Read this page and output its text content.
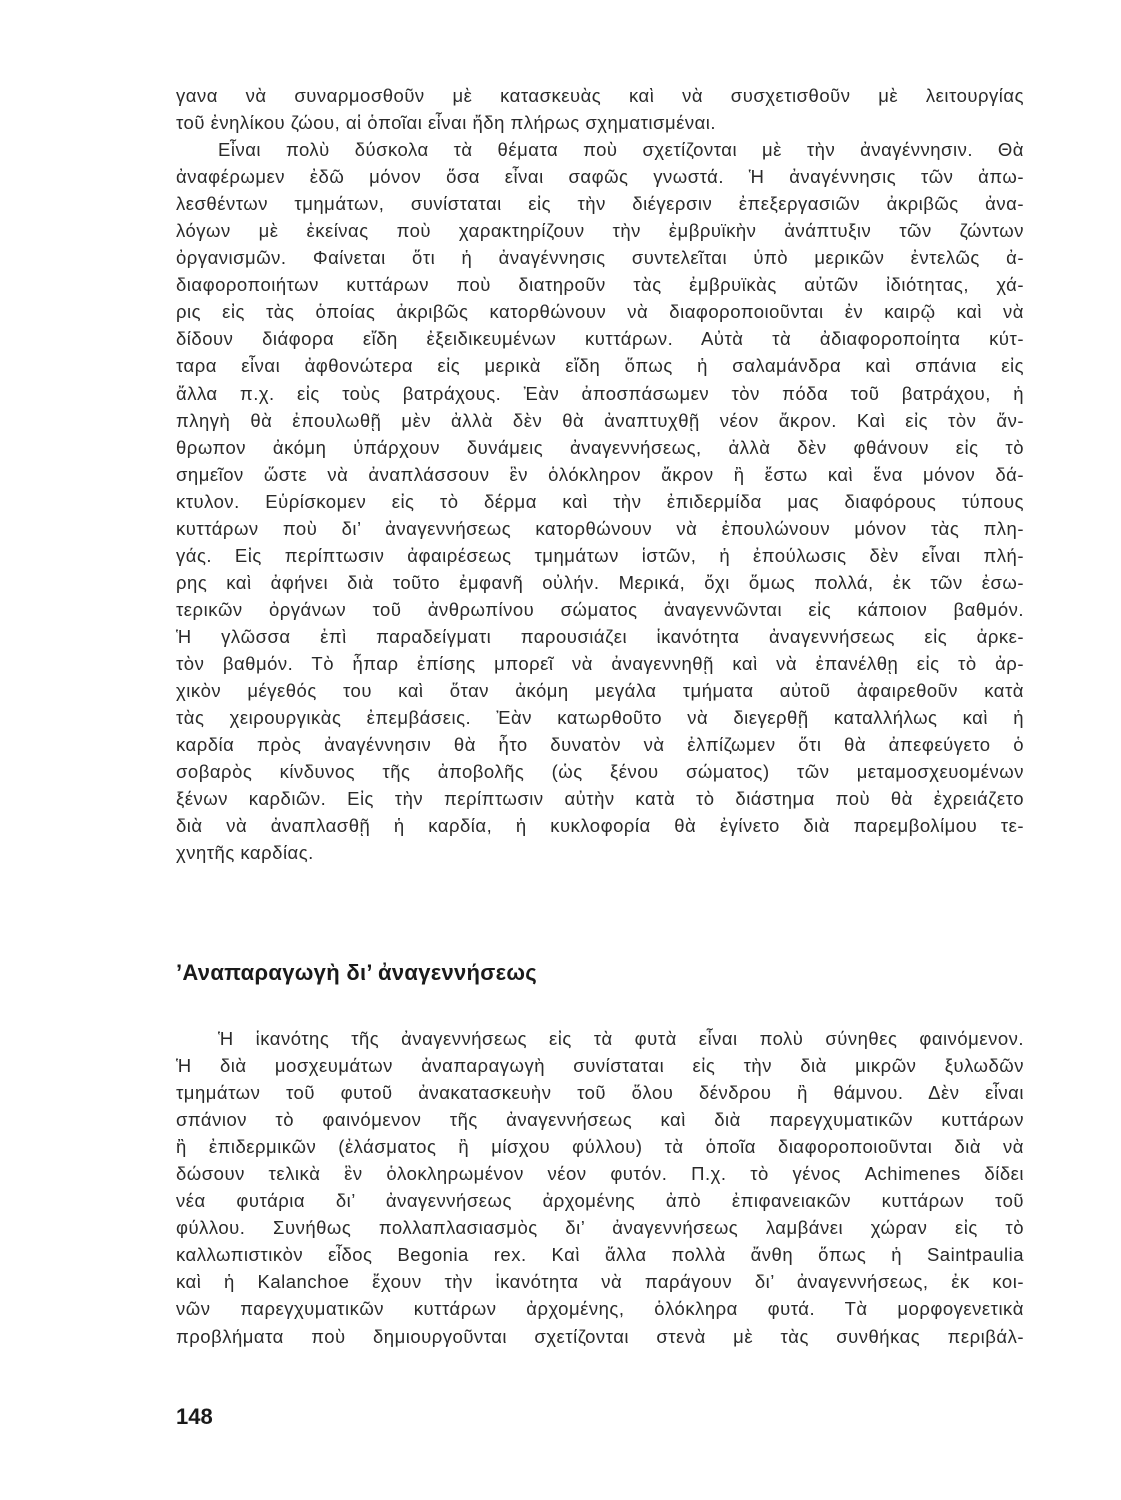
γανα νὰ συναρμοσθοῦν μὲ κατασκευὰς καὶ νὰ συσχετισθοῦν μὲ λειτουργίας
τοῦ ἐνηλίκου ζώου, αἱ ὁποῖαι εἶναι ἤδη πλήρως σχηματισμέναι.
Εἶναι πολὺ δύσκολα τὰ θέματα ποὺ σχετίζονται μὲ τὴν ἀναγέννησιν. Θὰ
ἀναφέρωμεν ἐδῶ μόνον ὅσα εἶναι σαφῶς γνωστά. Ἡ ἀναγέννησις τῶν ἀπω-
λεσθέντων τμημάτων, συνίσταται εἰς τὴν διέγερσιν ἐπεξεργασιῶν ἀκριβῶς ἀνα-
λόγων μὲ ἐκείνας ποὺ χαρακτηρίζουν τὴν ἐμβρυϊκὴν ἀνάπτυξιν τῶν ζώντων
ὀργανισμῶν. Φαίνεται ὅτι ἡ ἀναγέννησις συντελεῖται ὑπὸ μερικῶν ἐντελῶς ἀ-
διαφοροποιήτων κυττάρων ποὺ διατηροῦν τὰς ἐμβρυϊκὰς αὐτῶν ἰδιότητας, χά-
ρις εἰς τὰς ὁποίας ἀκριβῶς κατορθώνουν νὰ διαφοροποιοῦνται ἐν καιρῷ καὶ νὰ
δίδουν διάφορα εἴδη ἐξειδικευμένων κυττάρων. Αὐτὰ τὰ ἀδιαφοροποίητα κύτ-
ταρα εἶναι ἀφθονώτερα εἰς μερικὰ εἴδη ὅπως ἡ σαλαμάνδρα καὶ σπάνια εἰς
ἄλλα π.χ. εἰς τοὺς βατράχους. Ἐὰν ἀποσπάσωμεν τὸν πόδα τοῦ βατράχου, ἡ
πληγὴ θὰ ἐπουλωθῇ μὲν ἀλλὰ δὲν θὰ ἀναπτυχθῇ νέον ἄκρον. Καὶ εἰς τὸν ἄν-
θρωπον ἀκόμη ὑπάρχουν δυνάμεις ἀναγεννήσεως, ἀλλὰ δὲν φθάνουν εἰς τὸ
σημεῖον ὥστε νὰ ἀναπλάσσουν ἓν ὁλόκληρον ἄκρον ἢ ἔστω καὶ ἕνα μόνον δά-
κτυλον. Εὑρίσκομεν εἰς τὸ δέρμα καὶ τὴν ἐπιδερμίδα μας διαφόρους τύπους
κυττάρων ποὺ δι’ ἀναγεννήσεως κατορθώνουν νὰ ἐπουλώνουν μόνον τὰς πλη-
γάς. Εἰς περίπτωσιν ἀφαιρέσεως τμημάτων ἱστῶν, ἡ ἐπούλωσις δὲν εἶναι πλή-
ρης καὶ ἀφήνει διὰ τοῦτο ἐμφανῆ οὐλήν. Μερικά, ὄχι ὅμως πολλά, ἐκ τῶν ἐσω-
τερικῶν ὀργάνων τοῦ ἀνθρωπίνου σώματος ἀναγεννῶνται εἰς κάποιον βαθμόν.
Ἡ γλῶσσα ἐπὶ παραδείγματι παρουσιάζει ἱκανότητα ἀναγεννήσεως εἰς ἀρκε-
τὸν βαθμόν. Τὸ ἧπαρ ἐπίσης μπορεῖ νὰ ἀναγεννηθῇ καὶ νὰ ἐπανέλθῃ εἰς τὸ ἀρ-
χικὸν μέγεθός του καὶ ὅταν ἀκόμη μεγάλα τμήματα αὐτοῦ ἀφαιρεθοῦν κατὰ
τὰς χειρουργικὰς ἐπεμβάσεις. Ἐὰν κατωρθοῦτο νὰ διεγερθῇ καταλλήλως καὶ ἡ
καρδία πρὸς ἀναγέννησιν θὰ ἦτο δυνατὸν νὰ ἐλπίζωμεν ὅτι θὰ ἀπεφεύγετο ὁ
σοβαρὸς κίνδυνος τῆς ἀποβολῆς (ὡς ξένου σώματος) τῶν μεταμοσχευομένων
ξένων καρδιῶν. Εἰς τὴν περίπτωσιν αὐτὴν κατὰ τὸ διάστημα ποὺ θὰ ἐχρειάζετο
διὰ νὰ ἀναπλασθῇ ἡ καρδία, ἡ κυκλοφορία θὰ ἐγίνετο διὰ παρεμβολίμου τε-
χνητῆς καρδίας.
’Αναπαραγωγὴ δι’ ἀναγεννήσεως
Ἡ ἱκανότης τῆς ἀναγεννήσεως εἰς τὰ φυτὰ εἶναι πολὺ σύνηθες φαινόμενον.
Ἡ διὰ μοσχευμάτων ἀναπαραγωγὴ συνίσταται εἰς τὴν διὰ μικρῶν ξυλωδῶν
τμημάτων τοῦ φυτοῦ ἀνακατασκευὴν τοῦ ὅλου δένδρου ἢ θάμνου. Δὲν εἶναι
σπάνιον τὸ φαινόμενον τῆς ἀναγεννήσεως καὶ διὰ παρεγχυματικῶν κυττάρων
ἢ ἐπιδερμικῶν (ἐλάσματος ἢ μίσχου φύλλου) τὰ ὁποῖα διαφοροποιοῦνται διὰ νὰ
δώσουν τελικὰ ἓν ὁλοκληρωμένον νέον φυτόν. Π.χ. τὸ γένος Achimenes δίδει
νέα φυτάρια δι’ ἀναγεννήσεως ἀρχομένης ἀπὸ ἐπιφανειακῶν κυττάρων τοῦ
φύλλου. Συνήθως πολλαπλασιασμὸς δι’ ἀναγεννήσεως λαμβάνει χώραν εἰς τὸ
καλλωπιστικὸν εἶδος Begonia rex. Καὶ ἄλλα πολλὰ ἄνθη ὅπως ἡ Saintpaulia
καὶ ἡ Kalanchoe ἔχουν τὴν ἱκανότητα νὰ παράγουν δι’ ἀναγεννήσεως, ἐκ κοι-
νῶν παρεγχυματικῶν κυττάρων ἀρχομένης, ὁλόκληρα φυτά. Τὰ μορφογενετικὰ
προβλήματα ποὺ δημιουργοῦνται σχετίζονται στενὰ μὲ τὰς συνθήκας περιβάλ-
148
